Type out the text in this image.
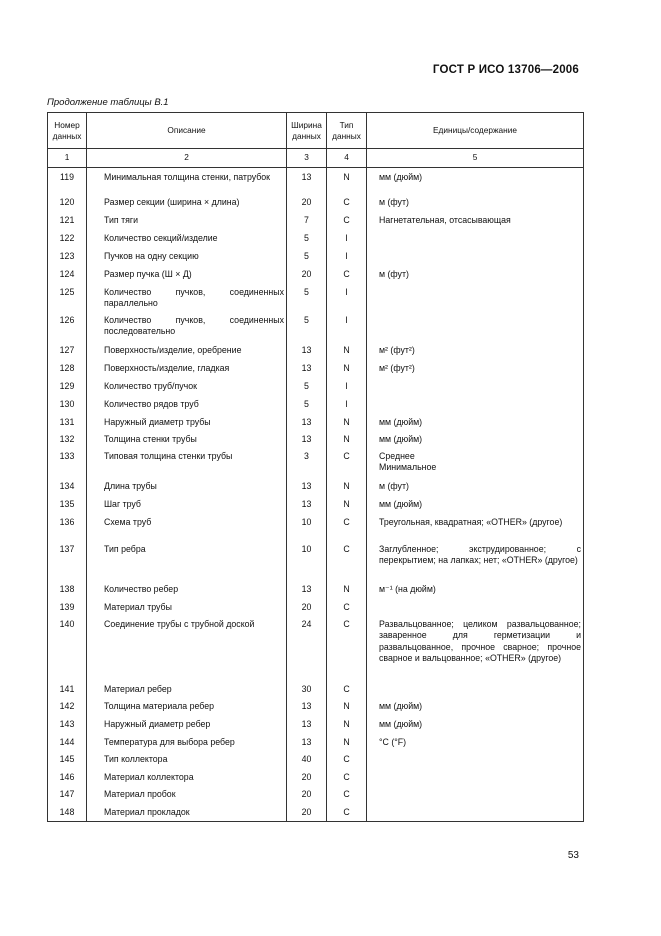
ГОСТ Р ИСО 13706—2006
Продолжение таблицы В.1
Номер данных	Описание	Ширина данных	Тип данных	Единицы/содержание
1	2	3	4	5
119	Минимальная толщина стенки, патрубок	13	N	мм (дюйм)

120	Размер секции (ширина × длина)	20	C	м (фут)

121	Тип тяги	7	C	Нагнетательная, отсасывающая

122	Количество секций/изделие	5	I	
123	Пучков на одну секцию	5	I	
124	Размер пучка (Ш × Д)	20	C	м (фут)

125	Количество пучков, соединенных параллельно	5	I	
126	Количество пучков, соединенных последовательно	5	I	
127	Поверхность/изделие, оребрение	13	N	м² (фут²)

128	Поверхность/изделие, гладкая	13	N	м² (фут²)

129	Количество труб/пучок	5	I	
130	Количество рядов труб	5	I	
131	Наружный диаметр трубы	13	N	мм (дюйм)

132	Толщина стенки трубы	13	N	мм (дюйм)

133	Типовая толщина стенки трубы	3	C	Среднее
Минимальное

134	Длина трубы	13	N	м (фут)

135	Шаг труб	13	N	мм (дюйм)

136	Схема труб	10	C	Треугольная, квадратная; «OTHER» (другое)

137	Тип ребра	10	C	Заглубленное; экструдированное; с перекрытием; на лапках; нет; «OTHER» (другое)

138	Количество ребер	13	N	м⁻¹ (на дюйм)

139	Материал трубы	20	C	
140	Соединение трубы с трубной доской	24	C	Развальцованное; целиком развальцованное; заваренное для герметизации и развальцованное, прочное сварное; прочное сварное и вальцованное; «OTHER» (другое)

141	Материал ребер	30	C	
142	Толщина материала ребер	13	N	мм (дюйм)

143	Наружный диаметр ребер	13	N	мм (дюйм)

144	Температура для выбора ребер	13	N	°C (°F)

145	Тип коллектора	40	C	
146	Материал коллектора	20	C	
147	Материал пробок	20	C	
148	Материал прокладок	20	C	
53
